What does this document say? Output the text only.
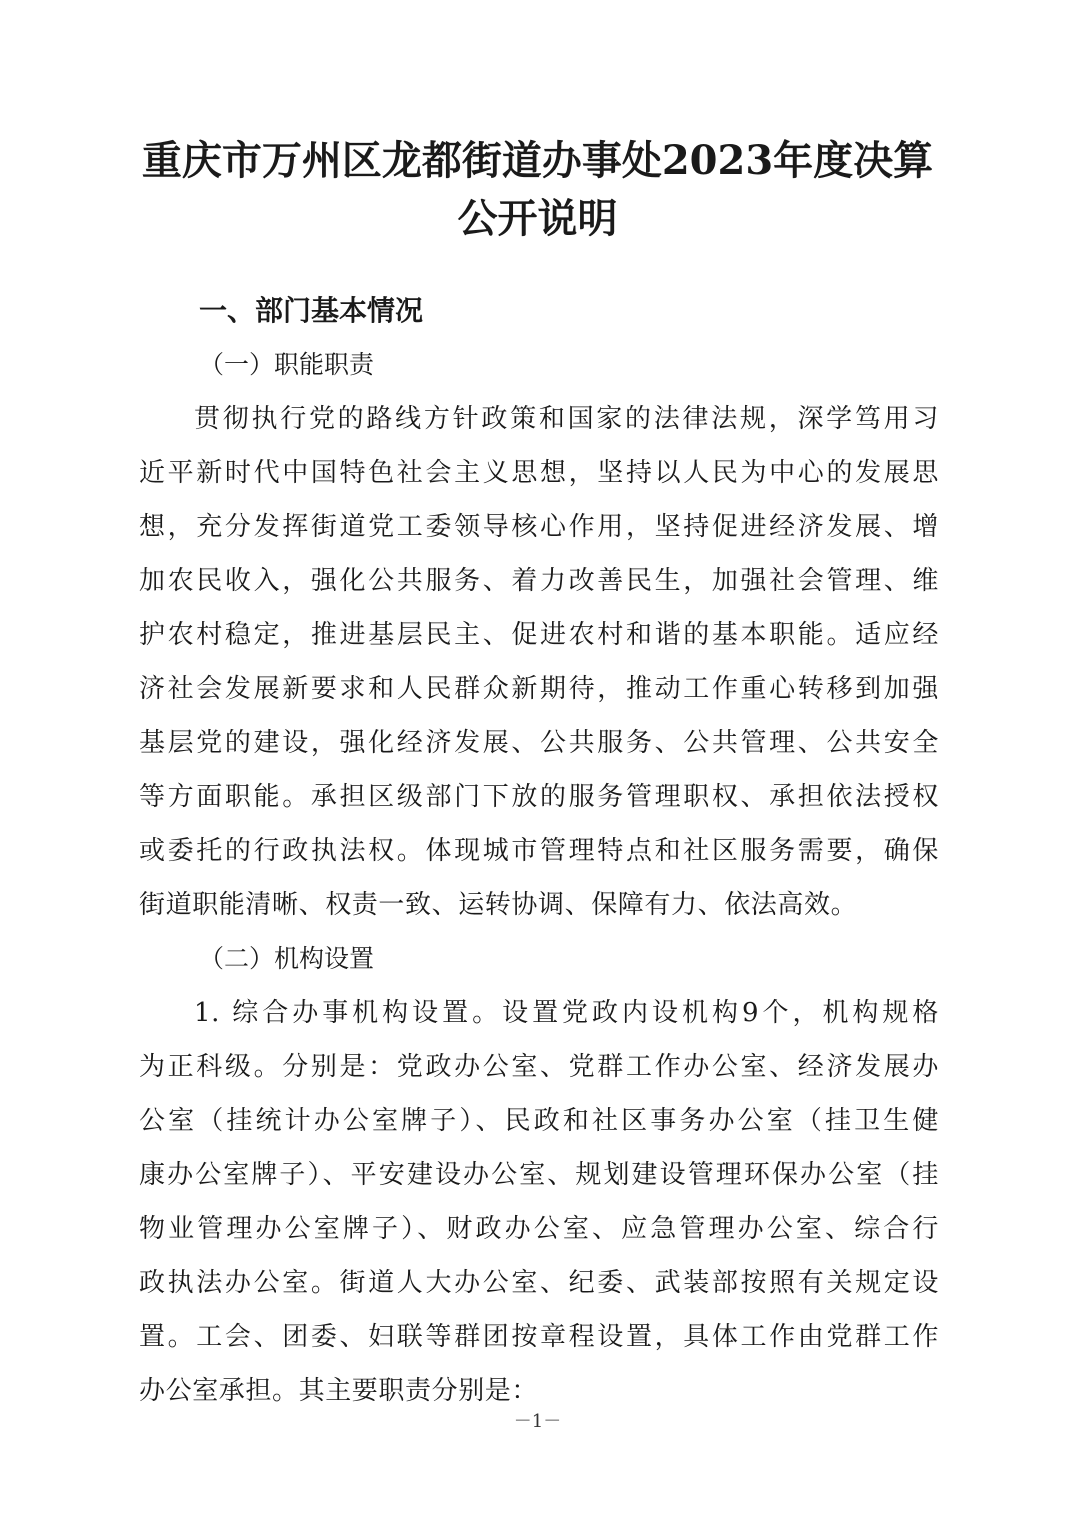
重庆市万州区龙都街道办事处2023年度决算
公开说明
一、部门基本情况
（一）职能职责
贯彻执行党的路线方针政策和国家的法律法规，深学笃用习
近平新时代中国特色社会主义思想，坚持以人民为中心的发展思
想，充分发挥街道党工委领导核心作用，坚持促进经济发展、增
加农民收入，强化公共服务、着力改善民生，加强社会管理、维
护农村稳定，推进基层民主、促进农村和谐的基本职能。适应经
济社会发展新要求和人民群众新期待，推动工作重心转移到加强
基层党的建设，强化经济发展、公共服务、公共管理、公共安全
等方面职能。承担区级部门下放的服务管理职权、承担依法授权
或委托的行政执法权。体现城市管理特点和社区服务需要，确保
街道职能清晰、权责一致、运转协调、保障有力、依法高效。
（二）机构设置
1. 综合办事机构设置。设置党政内设机构9个，机构规格
为正科级。分别是：党政办公室、党群工作办公室、经济发展办
公室（挂统计办公室牌子）、民政和社区事务办公室（挂卫生健
康办公室牌子）、平安建设办公室、规划建设管理环保办公室（挂
物业管理办公室牌子）、财政办公室、应急管理办公室、综合行
政执法办公室。街道人大办公室、纪委、武装部按照有关规定设
置。工会、团委、妇联等群团按章程设置，具体工作由党群工作
办公室承担。其主要职责分别是：
－1－
